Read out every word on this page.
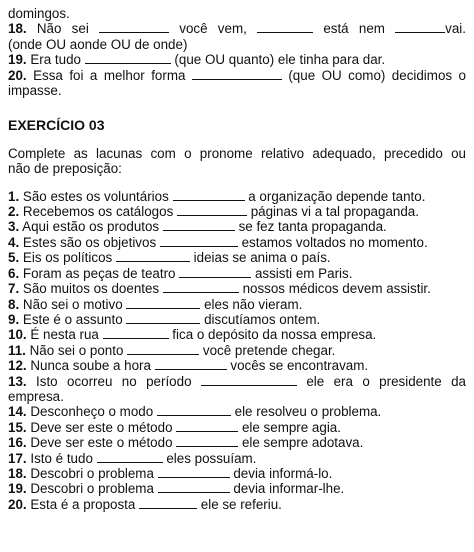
domingos.
18. Não sei	você vem,	está nem	vai.
(onde OU aonde OU de onde)
19. Era tudo	(que OU quanto) ele tinha para dar.
20. Essa foi a melhor forma	(que OU como) decidimos o
impasse.
EXERCÍCIO 03
Complete as lacunas com o pronome relativo adequado, precedido ou
não de preposição:
1. São estes os voluntários	a organização depende tanto.
2. Recebemos os catálogos	páginas vi a tal propaganda.
3. Aqui estão os produtos	se fez tanta propaganda.
4. Estes são os objetivos	estamos voltados no momento.
5. Eis os políticos	ideias se anima o país.
6. Foram as peças de teatro	assisti em Paris.
7. São muitos os doentes	nossos médicos devem assistir.
8. Não sei o motivo	eles não vieram.
9. Este é o assunto	discutíamos ontem.
10. É nesta rua	fica o depósito da nossa empresa.
11. Não sei o ponto	você pretende chegar.
12. Nunca soube a hora	vocês se encontravam.
13. Isto ocorreu no período	ele era o presidente da
empresa.
14. Desconheço o modo	ele resolveu o problema.
15. Deve ser este o método	ele sempre agia.
16. Deve ser este o método	ele sempre adotava.
17. Isto é tudo	eles possuíam.
18. Descobri o problema	devia informá-lo.
19. Descobri o problema	devia informar-lhe.
20. Esta é a proposta	ele se referiu.
